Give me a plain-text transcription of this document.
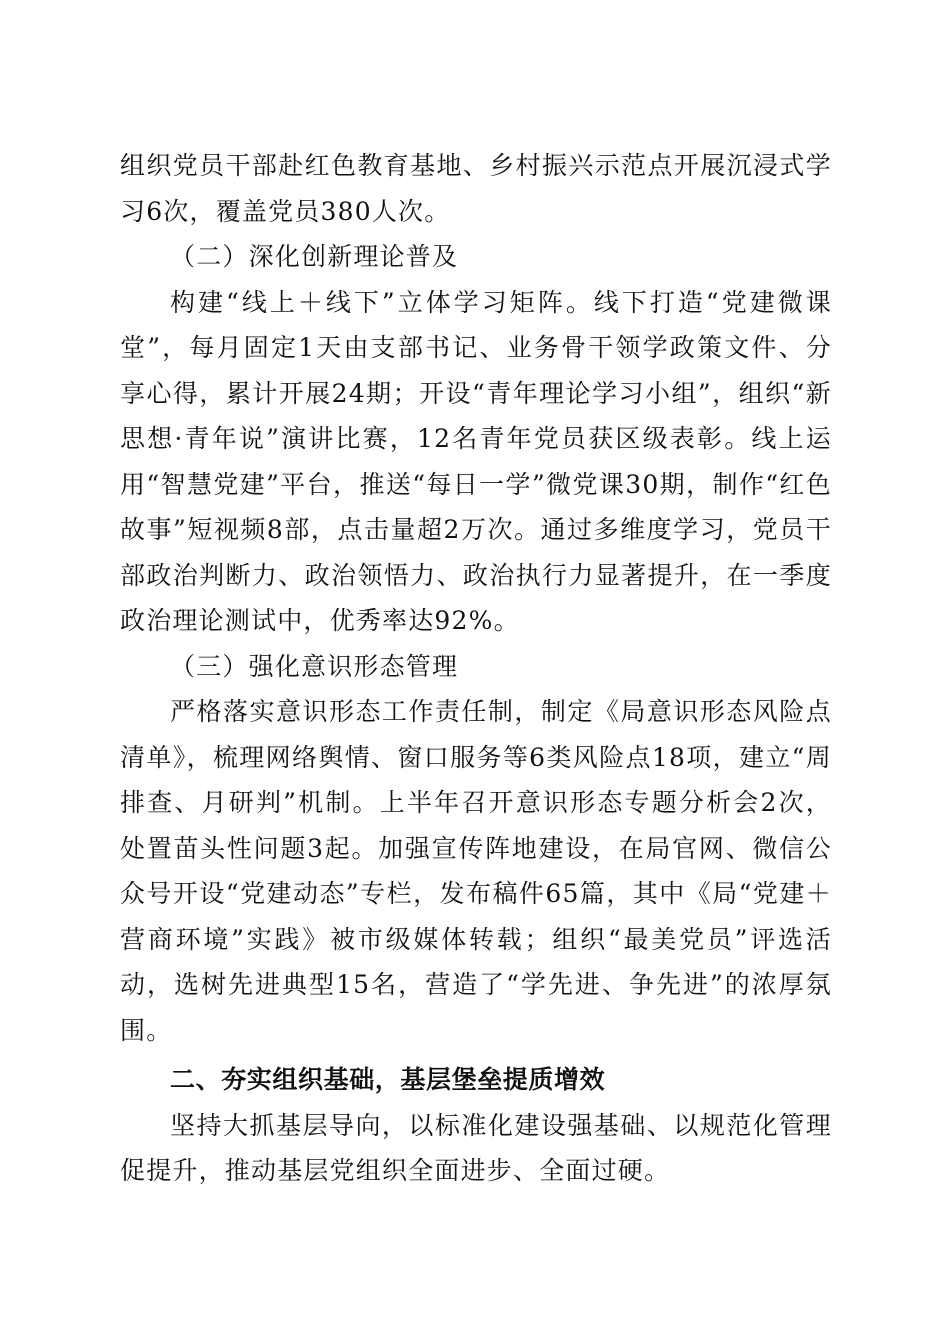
组织党员干部赴红色教育基地、乡村振兴示范点开展沉浸式学习6次，覆盖党员380人次。

（二）深化创新理论普及

构建“线上＋线下”立体学习矩阵。线下打造“党建微课堂”，每月固定1天由支部书记、业务骨干领学政策文件、分享心得，累计开展24期；开设“青年理论学习小组”，组织“新思想·青年说”演讲比赛，12名青年党员获区级表彰。线上运用“智慧党建”平台，推送“每日一学”微党课30期，制作“红色故事”短视频8部，点击量超2万次。通过多维度学习，党员干部政治判断力、政治领悟力、政治执行力显著提升，在一季度政治理论测试中，优秀率达92%。

（三）强化意识形态管理

严格落实意识形态工作责任制，制定《局意识形态风险点清单》，梳理网络舆情、窗口服务等6类风险点18项，建立“周排查、月研判”机制。上半年召开意识形态专题分析会2次，处置苗头性问题3起。加强宣传阵地建设，在局官网、微信公众号开设“党建动态”专栏，发布稿件65篇，其中《局“党建＋营商环境”实践》被市级媒体转载；组织“最美党员”评选活动，选树先进典型15名，营造了“学先进、争先进”的浓厚氛围。

二、夯实组织基础，基层堡垒提质增效

坚持大抓基层导向，以标准化建设强基础、以规范化管理促提升，推动基层党组织全面进步、全面过硬。
